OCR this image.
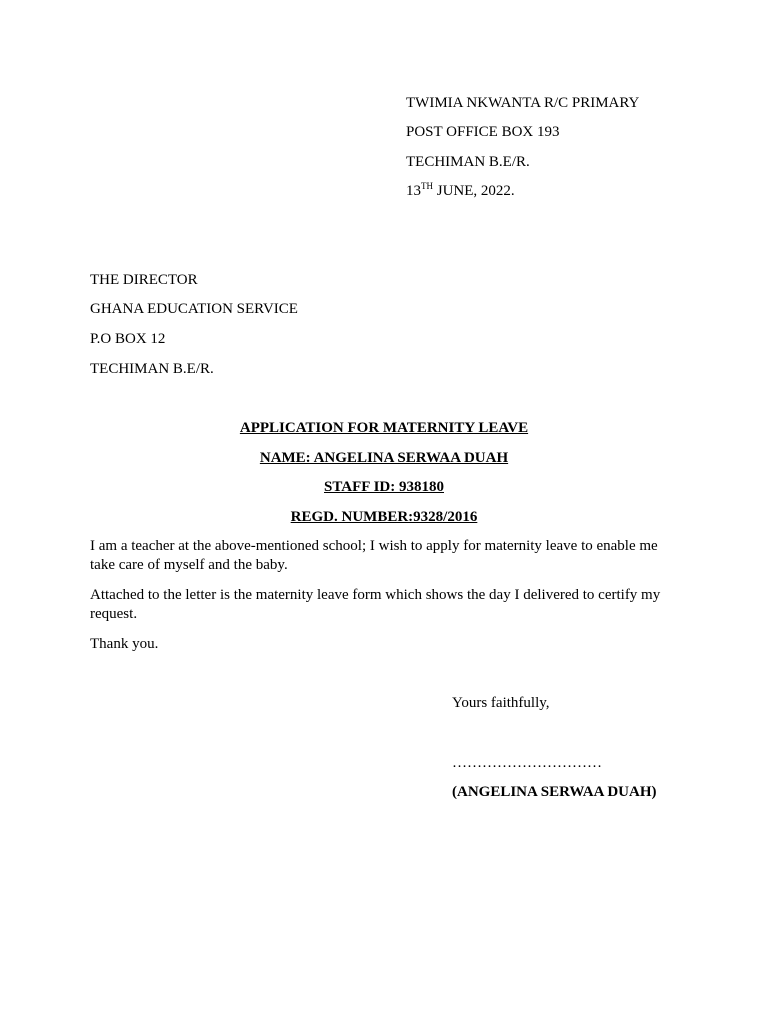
TWIMIA NKWANTA R/C PRIMARY
POST OFFICE BOX 193
TECHIMAN B.E/R.
13TH JUNE, 2022.
THE DIRECTOR
GHANA EDUCATION SERVICE
P.O BOX 12
TECHIMAN B.E/R.
APPLICATION FOR MATERNITY LEAVE
NAME: ANGELINA SERWAA DUAH
STAFF ID: 938180
REGD. NUMBER:9328/2016
I am a teacher at the above-mentioned school; I wish to apply for maternity leave to enable me take care of myself and the baby.
Attached to the letter is the maternity leave form which shows the day I delivered to certify my request.
Thank you.
Yours faithfully,
…………………………
(ANGELINA SERWAA DUAH)
